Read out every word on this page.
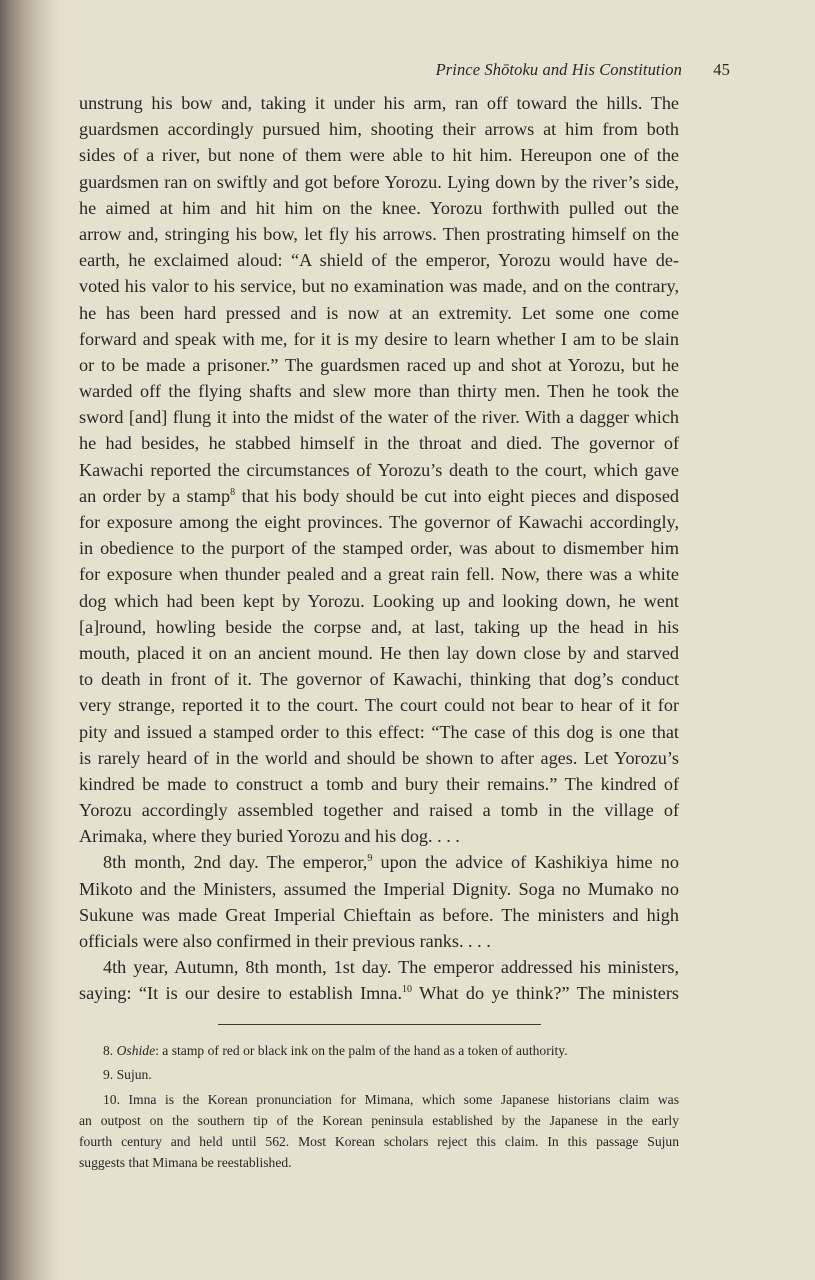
Prince Shōtoku and His Constitution 45
unstrung his bow and, taking it under his arm, ran off toward the hills. The
guardsmen accordingly pursued him, shooting their arrows at him from both
sides of a river, but none of them were able to hit him. Hereupon one of the
guardsmen ran on swiftly and got before Yorozu. Lying down by the river’s side,
he aimed at him and hit him on the knee. Yorozu forthwith pulled out the
arrow and, stringing his bow, let fly his arrows. Then prostrating himself on the
earth, he exclaimed aloud: “A shield of the emperor, Yorozu would have de-
voted his valor to his service, but no examination was made, and on the contrary,
he has been hard pressed and is now at an extremity. Let some one come
forward and speak with me, for it is my desire to learn whether I am to be slain
or to be made a prisoner.” The guardsmen raced up and shot at Yorozu, but he
warded off the flying shafts and slew more than thirty men. Then he took the
sword [and] flung it into the midst of the water of the river. With a dagger which
he had besides, he stabbed himself in the throat and died. The governor of
Kawachi reported the circumstances of Yorozu’s death to the court, which gave
an order by a stamp$^8$ that his body should be cut into eight pieces and disposed
for exposure among the eight provinces. The governor of Kawachi accordingly,
in obedience to the purport of the stamped order, was about to dismember him
for exposure when thunder pealed and a great rain fell. Now, there was a white
dog which had been kept by Yorozu. Looking up and looking down, he went
[a]round, howling beside the corpse and, at last, taking up the head in his
mouth, placed it on an ancient mound. He then lay down close by and starved
to death in front of it. The governor of Kawachi, thinking that dog’s conduct
very strange, reported it to the court. The court could not bear to hear of it for
pity and issued a stamped order to this effect: “The case of this dog is one that
is rarely heard of in the world and should be shown to after ages. Let Yorozu’s
kindred be made to construct a tomb and bury their remains.” The kindred of
Yorozu accordingly assembled together and raised a tomb in the village of
Arimaka, where they buried Yorozu and his dog. . . .
8th month, 2nd day. The emperor,$^9$ upon the advice of Kashikiya hime no
Mikoto and the Ministers, assumed the Imperial Dignity. Soga no Mumako no
Sukune was made Great Imperial Chieftain as before. The ministers and high
officials were also confirmed in their previous ranks. . . .
4th year, Autumn, 8th month, 1st day. The emperor addressed his ministers,
saying: “It is our desire to establish Imna.$^{10}$ What do ye think?” The ministers
8. Oshide: a stamp of red or black ink on the palm of the hand as a token of authority.
9. Sujun.
10. Imna is the Korean pronunciation for Mimana, which some Japanese historians claim was
an outpost on the southern tip of the Korean peninsula established by the Japanese in the early
fourth century and held until 562. Most Korean scholars reject this claim. In this passage Sujun
suggests that Mimana be reestablished.
